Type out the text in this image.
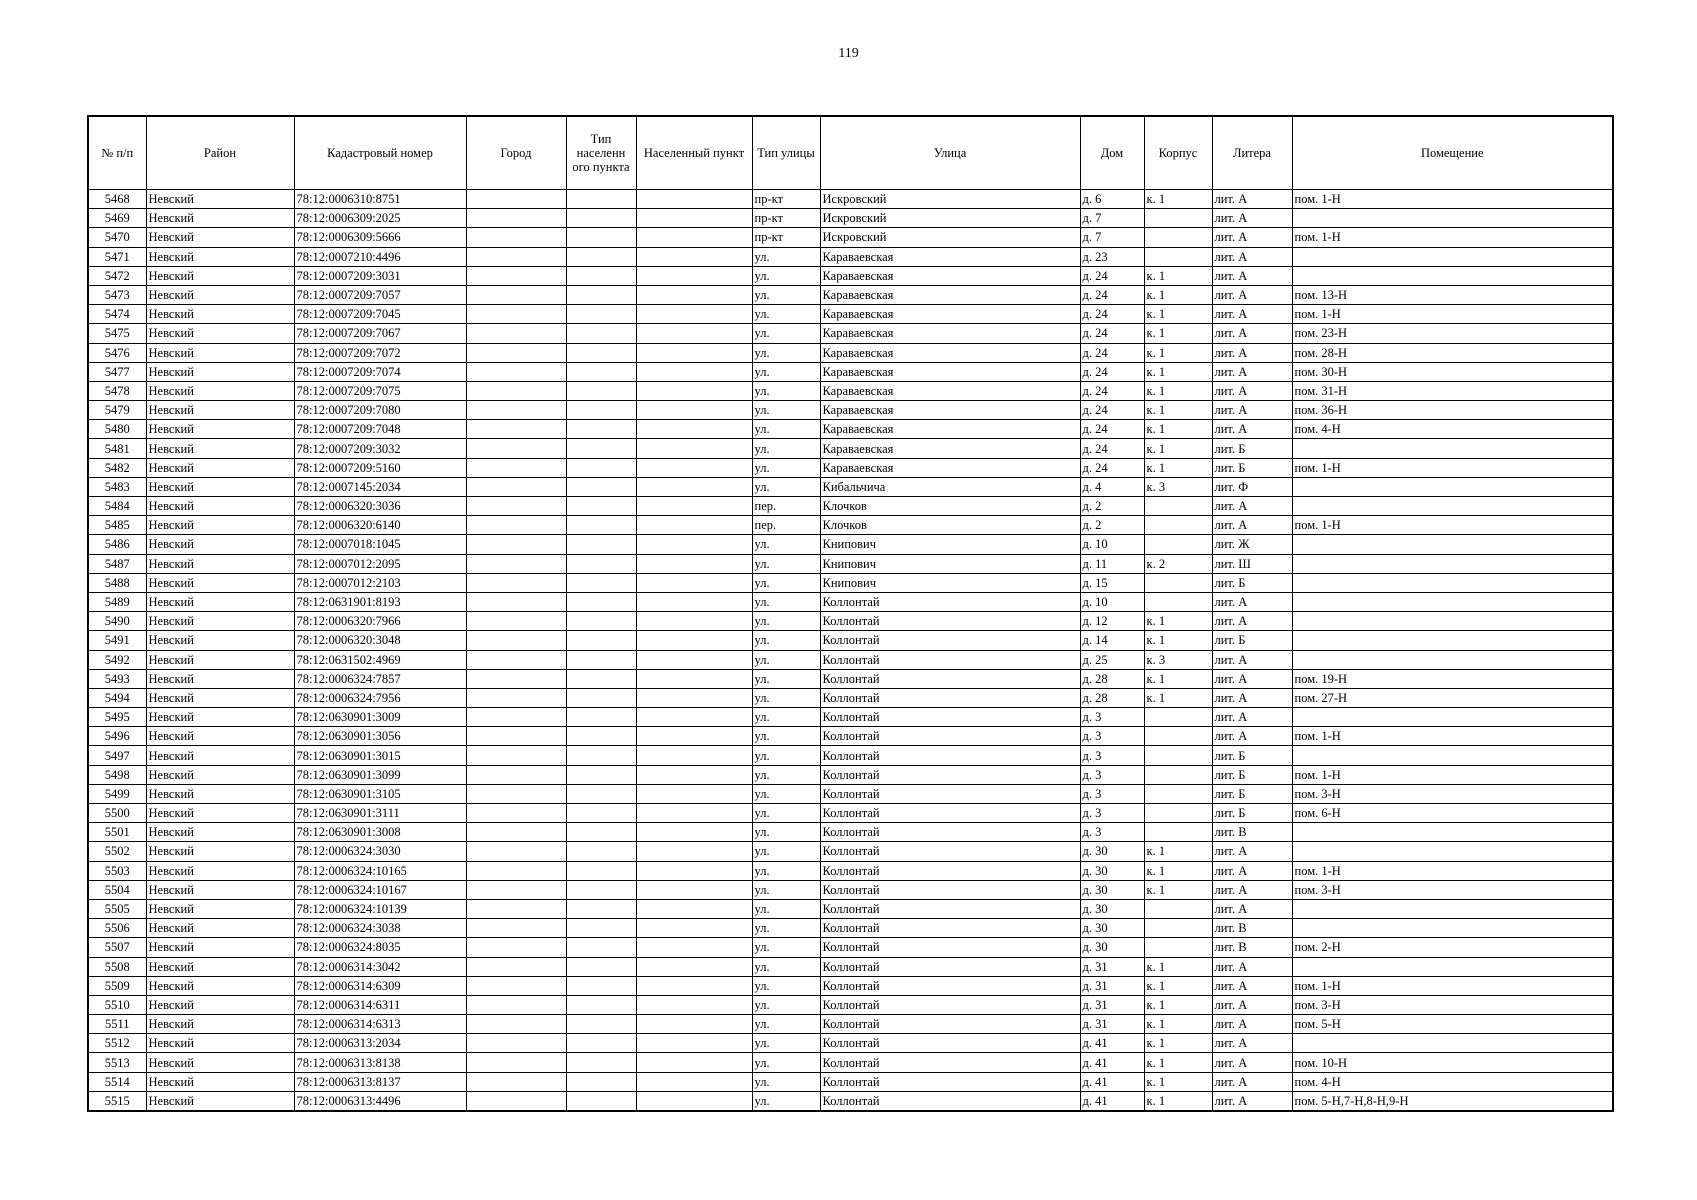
119
№ п/п	Район	Кадастровый номер	Город	Тип населенн ого пункта	Населенный пункт	Тип улицы	Улица	Дом	Корпус	Литера	Помещение
5468	Невский	78:12:0006310:8751				пр-кт	Искровский	д. 6	к. 1	лит. А	пом. 1-Н
5469	Невский	78:12:0006309:2025				пр-кт	Искровский	д. 7		лит. А	
5470	Невский	78:12:0006309:5666				пр-кт	Искровский	д. 7		лит. А	пом. 1-Н
5471	Невский	78:12:0007210:4496				ул.	Караваевская	д. 23		лит. А	
5472	Невский	78:12:0007209:3031				ул.	Караваевская	д. 24	к. 1	лит. А	
5473	Невский	78:12:0007209:7057				ул.	Караваевская	д. 24	к. 1	лит. А	пом. 13-Н
5474	Невский	78:12:0007209:7045				ул.	Караваевская	д. 24	к. 1	лит. А	пом. 1-Н
5475	Невский	78:12:0007209:7067				ул.	Караваевская	д. 24	к. 1	лит. А	пом. 23-Н
5476	Невский	78:12:0007209:7072				ул.	Караваевская	д. 24	к. 1	лит. А	пом. 28-Н
5477	Невский	78:12:0007209:7074				ул.	Караваевская	д. 24	к. 1	лит. А	пом. 30-Н
5478	Невский	78:12:0007209:7075				ул.	Караваевская	д. 24	к. 1	лит. А	пом. 31-Н
5479	Невский	78:12:0007209:7080				ул.	Караваевская	д. 24	к. 1	лит. А	пом. 36-Н
5480	Невский	78:12:0007209:7048				ул.	Караваевская	д. 24	к. 1	лит. А	пом. 4-Н
5481	Невский	78:12:0007209:3032				ул.	Караваевская	д. 24	к. 1	лит. Б	
5482	Невский	78:12:0007209:5160				ул.	Караваевская	д. 24	к. 1	лит. Б	пом. 1-Н
5483	Невский	78:12:0007145:2034				ул.	Кибальчича	д. 4	к. 3	лит. Ф	
5484	Невский	78:12:0006320:3036				пер.	Клочков	д. 2		лит. А	
5485	Невский	78:12:0006320:6140				пер.	Клочков	д. 2		лит. А	пом. 1-Н
5486	Невский	78:12:0007018:1045				ул.	Книпович	д. 10		лит. Ж	
5487	Невский	78:12:0007012:2095				ул.	Книпович	д. 11	к. 2	лит. Ш	
5488	Невский	78:12:0007012:2103				ул.	Книпович	д. 15		лит. Б	
5489	Невский	78:12:0631901:8193				ул.	Коллонтай	д. 10		лит. А	
5490	Невский	78:12:0006320:7966				ул.	Коллонтай	д. 12	к. 1	лит. А	
5491	Невский	78:12:0006320:3048				ул.	Коллонтай	д. 14	к. 1	лит. Б	
5492	Невский	78:12:0631502:4969				ул.	Коллонтай	д. 25	к. 3	лит. А	
5493	Невский	78:12:0006324:7857				ул.	Коллонтай	д. 28	к. 1	лит. А	пом. 19-Н
5494	Невский	78:12:0006324:7956				ул.	Коллонтай	д. 28	к. 1	лит. А	пом. 27-Н
5495	Невский	78:12:0630901:3009				ул.	Коллонтай	д. 3		лит. А	
5496	Невский	78:12:0630901:3056				ул.	Коллонтай	д. 3		лит. А	пом. 1-Н
5497	Невский	78:12:0630901:3015				ул.	Коллонтай	д. 3		лит. Б	
5498	Невский	78:12:0630901:3099				ул.	Коллонтай	д. 3		лит. Б	пом. 1-Н
5499	Невский	78:12:0630901:3105				ул.	Коллонтай	д. 3		лит. Б	пом. 3-Н
5500	Невский	78:12:0630901:3111				ул.	Коллонтай	д. 3		лит. Б	пом. 6-Н
5501	Невский	78:12:0630901:3008				ул.	Коллонтай	д. 3		лит. В	
5502	Невский	78:12:0006324:3030				ул.	Коллонтай	д. 30	к. 1	лит. А	
5503	Невский	78:12:0006324:10165				ул.	Коллонтай	д. 30	к. 1	лит. А	пом. 1-Н
5504	Невский	78:12:0006324:10167				ул.	Коллонтай	д. 30	к. 1	лит. А	пом. 3-Н
5505	Невский	78:12:0006324:10139				ул.	Коллонтай	д. 30		лит. А	
5506	Невский	78:12:0006324:3038				ул.	Коллонтай	д. 30		лит. В	
5507	Невский	78:12:0006324:8035				ул.	Коллонтай	д. 30		лит. В	пом. 2-Н
5508	Невский	78:12:0006314:3042				ул.	Коллонтай	д. 31	к. 1	лит. А	
5509	Невский	78:12:0006314:6309				ул.	Коллонтай	д. 31	к. 1	лит. А	пом. 1-Н
5510	Невский	78:12:0006314:6311				ул.	Коллонтай	д. 31	к. 1	лит. А	пом. 3-Н
5511	Невский	78:12:0006314:6313				ул.	Коллонтай	д. 31	к. 1	лит. А	пом. 5-Н
5512	Невский	78:12:0006313:2034				ул.	Коллонтай	д. 41	к. 1	лит. А	
5513	Невский	78:12:0006313:8138				ул.	Коллонтай	д. 41	к. 1	лит. А	пом. 10-Н
5514	Невский	78:12:0006313:8137				ул.	Коллонтай	д. 41	к. 1	лит. А	пом. 4-Н
5515	Невский	78:12:0006313:4496				ул.	Коллонтай	д. 41	к. 1	лит. А	пом. 5-Н,7-Н,8-Н,9-Н
